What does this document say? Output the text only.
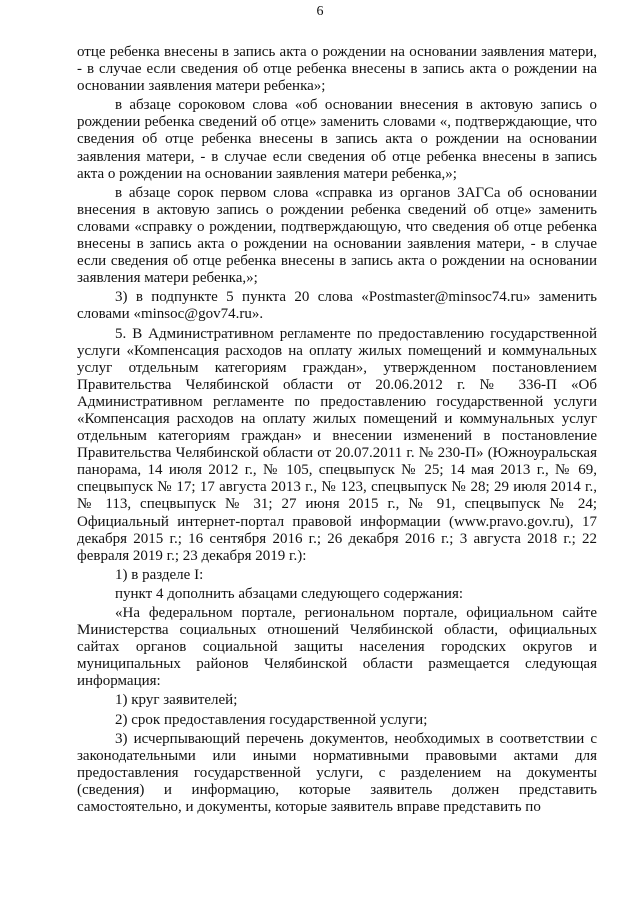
6

отце ребенка внесены в запись акта о рождении на основании заявления матери, - в случае если сведения об отце ребенка внесены в запись акта о рождении на основании заявления матери ребенка»;

в абзаце сороковом слова «об основании внесения в актовую запись о рождении ребенка сведений об отце» заменить словами «, подтверждающие, что сведения об отце ребенка внесены в запись акта о рождении на основании заявления матери, - в случае если сведения об отце ребенка внесены в запись акта о рождении на основании заявления матери ребенка,»;

в абзаце сорок первом слова «справка из органов ЗАГСа об основании внесения в актовую запись о рождении ребенка сведений об отце» заменить словами «справку о рождении, подтверждающую, что сведения об отце ребенка внесены в запись акта о рождении на основании заявления матери, - в случае если сведения об отце ребенка внесены в запись акта о рождении на основании заявления матери ребенка,»;

3) в подпункте 5 пункта 20 слова «Postmaster@minsoc74.ru» заменить словами «minsoc@gov74.ru».

5. В Административном регламенте по предоставлению государственной услуги «Компенсация расходов на оплату жилых помещений и коммунальных услуг отдельным категориям граждан», утвержденном постановлением Правительства Челябинской области от 20.06.2012 г. № 336-П «Об Административном регламенте по предоставлению государственной услуги «Компенсация расходов на оплату жилых помещений и коммунальных услуг отдельным категориям граждан» и внесении изменений в постановление Правительства Челябинской области от 20.07.2011 г. № 230-П» (Южноуральская панорама, 14 июля 2012 г., № 105, спецвыпуск № 25; 14 мая 2013 г., № 69, спецвыпуск № 17; 17 августа 2013 г., № 123, спецвыпуск № 28; 29 июля 2014 г., № 113, спецвыпуск № 31; 27 июня 2015 г., № 91, спецвыпуск № 24; Официальный интернет-портал правовой информации (www.pravo.gov.ru), 17 декабря 2015 г.; 16 сентября 2016 г.; 26 декабря 2016 г.; 3 августа 2018 г.; 22 февраля 2019 г.; 23 декабря 2019 г.):

1) в разделе I:

пункт 4 дополнить абзацами следующего содержания:

«На федеральном портале, региональном портале, официальном сайте Министерства социальных отношений Челябинской области, официальных сайтах органов социальной защиты населения городских округов и муниципальных районов Челябинской области размещается следующая информация:

1) круг заявителей;

2) срок предоставления государственной услуги;

3) исчерпывающий перечень документов, необходимых в соответствии с законодательными или иными нормативными правовыми актами для предоставления государственной услуги, с разделением на документы (сведения) и информацию, которые заявитель должен представить самостоятельно, и документы, которые заявитель вправе представить по
